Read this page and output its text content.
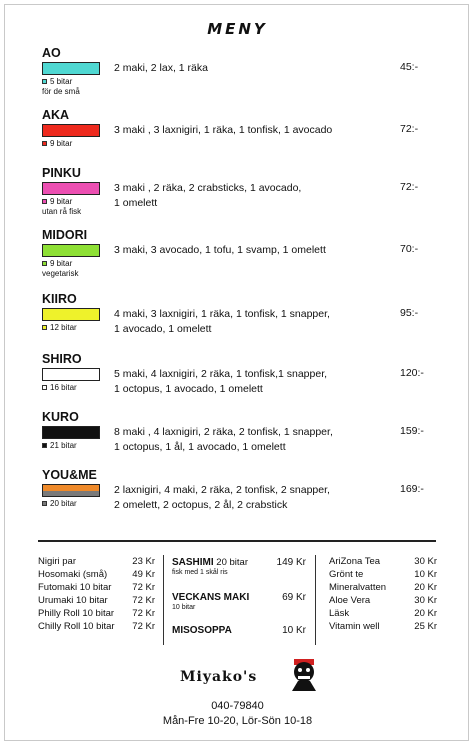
MENY
AO
5 bitar
för de små
2 maki, 2 lax, 1 räka	45:-
AKA
9 bitar
3 maki , 3 laxnigiri, 1 räka, 1 tonfisk, 1 avocado	72:-
PINKU
9 bitar
utan rå fisk
3 maki , 2 räka, 2 crabsticks, 1 avocado,
1 omelett
72:-
MIDORI
9 bitar
vegetarisk
3 maki, 3 avocado, 1 tofu, 1 svamp, 1 omelett	70:-
KIIRO
12 bitar
4 maki, 3 laxnigiri, 1 räka, 1 tonfisk, 1 snapper,
1 avocado, 1 omelett
95:-
SHIRO
16 bitar
5 maki, 4 laxnigiri, 2 räka, 1 tonfisk,1 snapper,
1 octopus, 1 avocado, 1 omelett
120:-
KURO
21 bitar
8 maki , 4 laxnigiri, 2 räka, 2 tonfisk, 1 snapper,
1 octopus, 1 ål, 1 avocado, 1 omelett
159:-
YOU&ME
20 bitar
2 laxnigiri, 4 maki, 2 räka, 2 tonfisk, 2 snapper,
2 omelett, 2 octopus, 2 ål, 2 crabstick
169:-
Nigiri par	23 Kr
Hosomaki (små)	49 Kr
Futomaki 10 bitar 72 Kr
Urumaki 10 bitar	72 Kr
Philly Roll 10 bitar 72 Kr
Chilly Roll 10 bitar 72 Kr
SASHIMI 20 bitar
fisk med 1 skål ris
149 Kr
VECKANS MAKI
10 bitar
69 Kr
MISOSOPPA	10 Kr
AriZona Tea	30 Kr
Grönt te	10 Kr
Mineralvatten	20 Kr
Aloe Vera	30 Kr
Läsk	20 Kr
Vitamin well	25 Kr
Miyako's
040-79840
Mån-Fre 10-20, Lör-Sön 10-18
